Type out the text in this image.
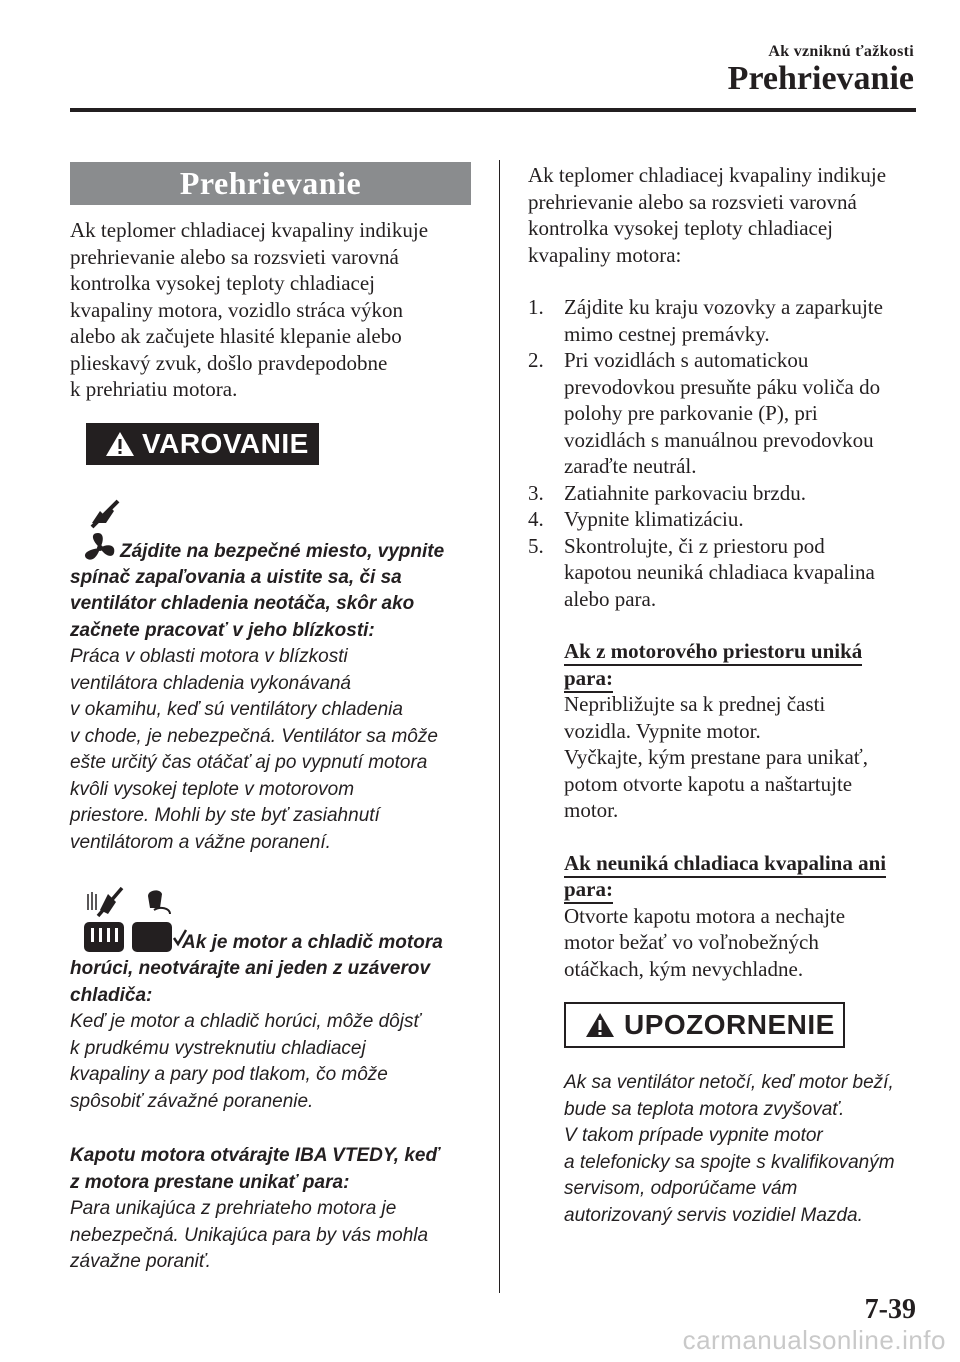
Ak vzniknú ťažkosti
Prehrievanie
Prehrievanie

Ak teplomer chladiacej kvapaliny indikuje

prehrievanie alebo sa rozsvieti varovná

kontrolka vysokej teploty chladiacej

kvapaliny motora, vozidlo stráca výkon

alebo ak začujete hlasité klepanie alebo

plieskavý zvuk, došlo pravdepodobne

k prehriatiu motora.

VAROVANIE

Zájdite na bezpečné miesto, vypnite

spínač zapaľovania a uistite sa, či sa

ventilátor chladenia neotáča, skôr ako

začnete pracovať v jeho blízkosti:

Práca v oblasti motora v blízkosti

ventilátora chladenia vykonávaná

v okamihu, keď sú ventilátory chladenia

v chode, je nebezpečná. Ventilátor sa môže

ešte určitý čas otáčať aj po vypnutí motora

kvôli vysokej teplote v motorovom

priestore. Mohli by ste byť zasiahnutí

ventilátorom a vážne poranení.

Ak je motor a chladič motora

horúci, neotvárajte ani jeden z uzáverov

chladiča:

Keď je motor a chladič horúci, môže dôjsť

k prudkému vystreknutiu chladiacej

kvapaliny a pary pod tlakom, čo môže

spôsobiť závažné poranenie.

Kapotu motora otvárajte IBA VTEDY, keď

z motora prestane unikať para:

Para unikajúca z prehriateho motora je

nebezpečná. Unikajúca para by vás mohla

závažne poraniť.

Ak teplomer chladiacej kvapaliny indikuje

prehrievanie alebo sa rozsvieti varovná

kontrolka vysokej teploty chladiacej

kvapaliny motora:

1. Zájdite ku kraju vozovky a zaparkujte
mimo cestnej premávky.
2. Pri vozidlách s automatickou
prevodovkou presuňte páku voliča do
polohy pre parkovanie (P), pri
vozidlách s manuálnou prevodovkou
zaraďte neutrál.
3. Zatiahnite parkovaciu brzdu.
4. Vypnite klimatizáciu.
5. Skontrolujte, či z priestoru pod
kapotou neuniká chladiaca kvapalina
alebo para.

Ak z motorového priestoru uniká

para:

Nepribližujte sa k prednej časti

vozidla. Vypnite motor.

Vyčkajte, kým prestane para unikať,

potom otvorte kapotu a naštartujte

motor.

Ak neuniká chladiaca kvapalina ani

para:

Otvorte kapotu motora a nechajte

motor bežať vo voľnobežných

otáčkach, kým nevychladne.

UPOZORNENIE

Ak sa ventilátor netočí, keď motor beží,

bude sa teplota motora zvyšovať.

V takom prípade vypnite motor

a telefonicky sa spojte s kvalifikovaným

servisom, odporúčame vám

autorizovaný servis vozidiel Mazda.

7-39
carmanualsonline.info
